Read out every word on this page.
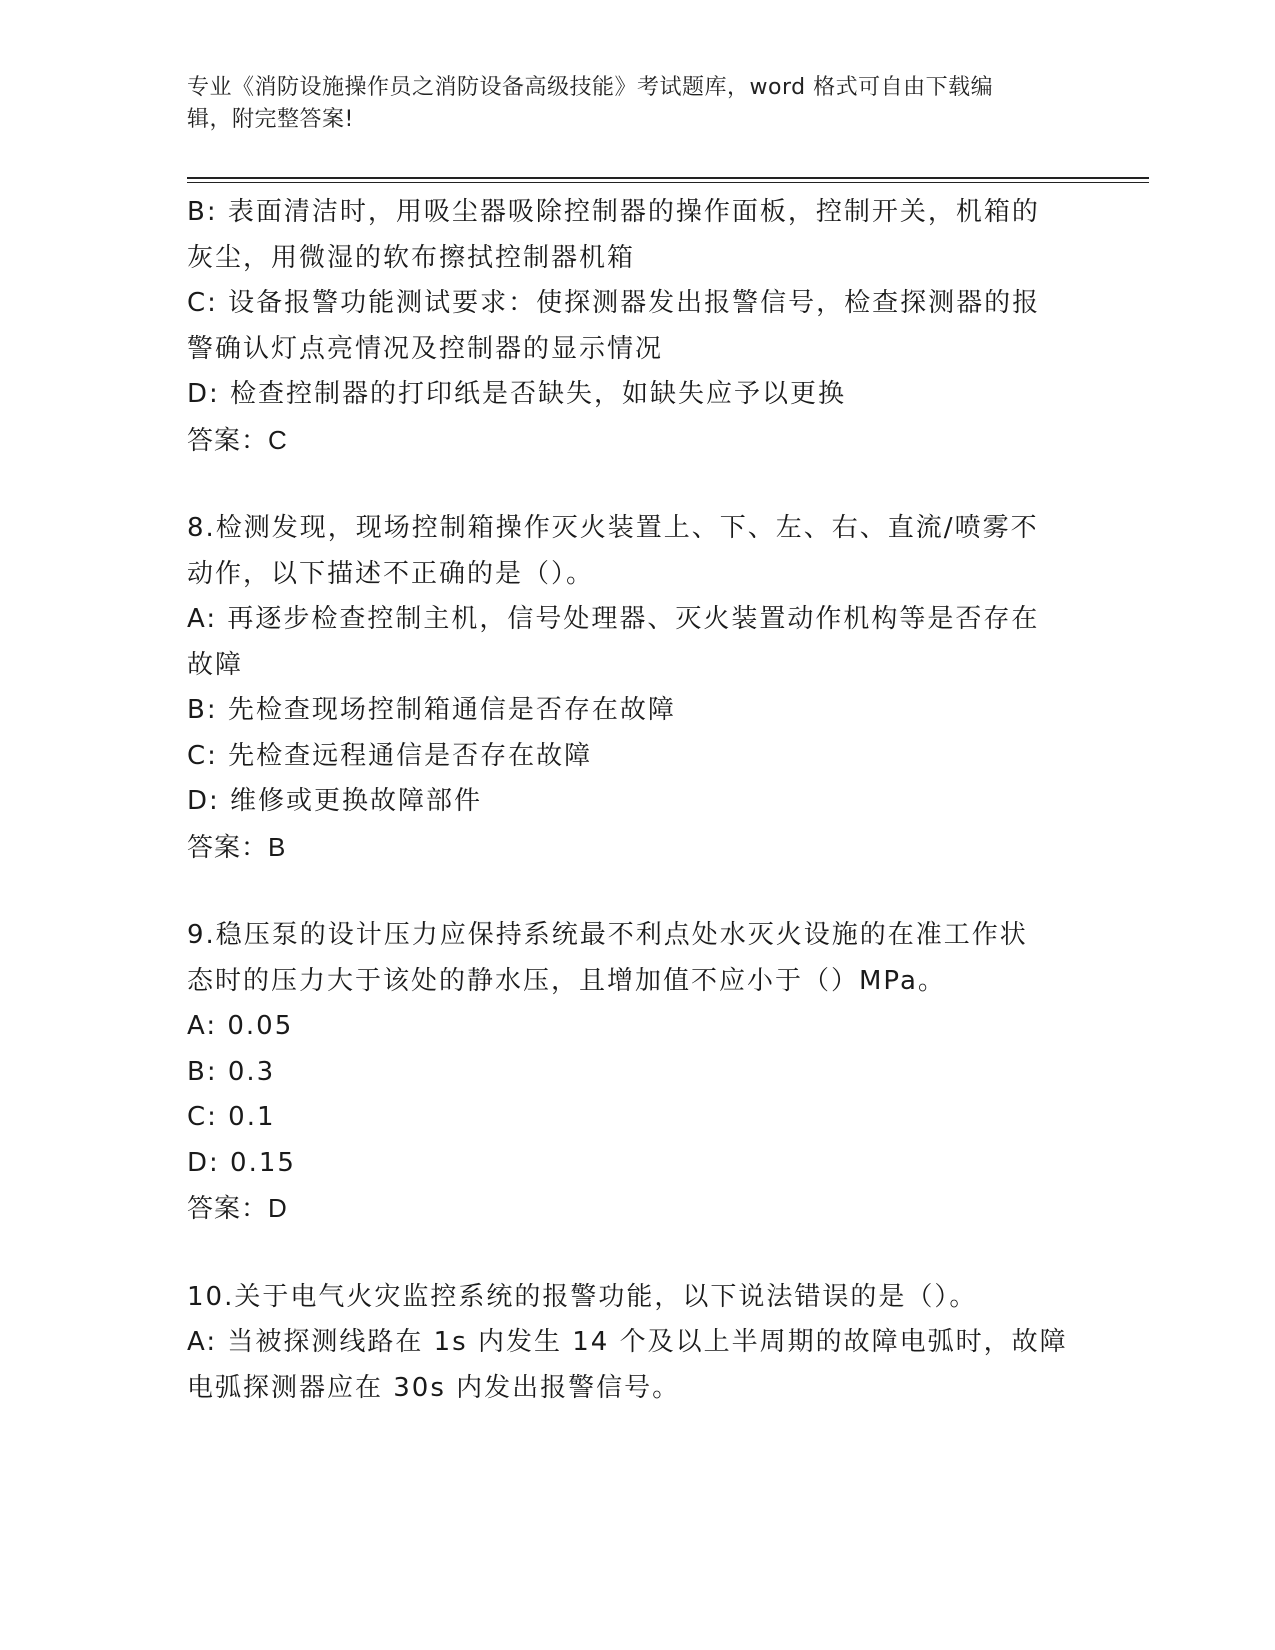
专业《消防设施操作员之消防设备高级技能》考试题库，word 格式可自由下载编
辑，附完整答案!
B: 表面清洁时，用吸尘器吸除控制器的操作面板，控制开关，机箱的
灰尘，用微湿的软布擦拭控制器机箱
C: 设备报警功能测试要求：使探测器发出报警信号，检查探测器的报
警确认灯点亮情况及控制器的显示情况
D: 检查控制器的打印纸是否缺失，如缺失应予以更换
答案：C
8.检测发现，现场控制箱操作灭火装置上、下、左、右、直流/喷雾不
动作，以下描述不正确的是（）。
A: 再逐步检查控制主机，信号处理器、灭火装置动作机构等是否存在
故障
B: 先检查现场控制箱通信是否存在故障
C: 先检查远程通信是否存在故障
D: 维修或更换故障部件
答案：B
9.稳压泵的设计压力应保持系统最不利点处水灭火设施的在准工作状
态时的压力大于该处的静水压，且增加值不应小于（）MPa。
A: 0.05
B: 0.3
C: 0.1
D: 0.15
答案：D
10.关于电气火灾监控系统的报警功能，以下说法错误的是（）。
A: 当被探测线路在 1s 内发生 14 个及以上半周期的故障电弧时，故障
电弧探测器应在 30s 内发出报警信号。
